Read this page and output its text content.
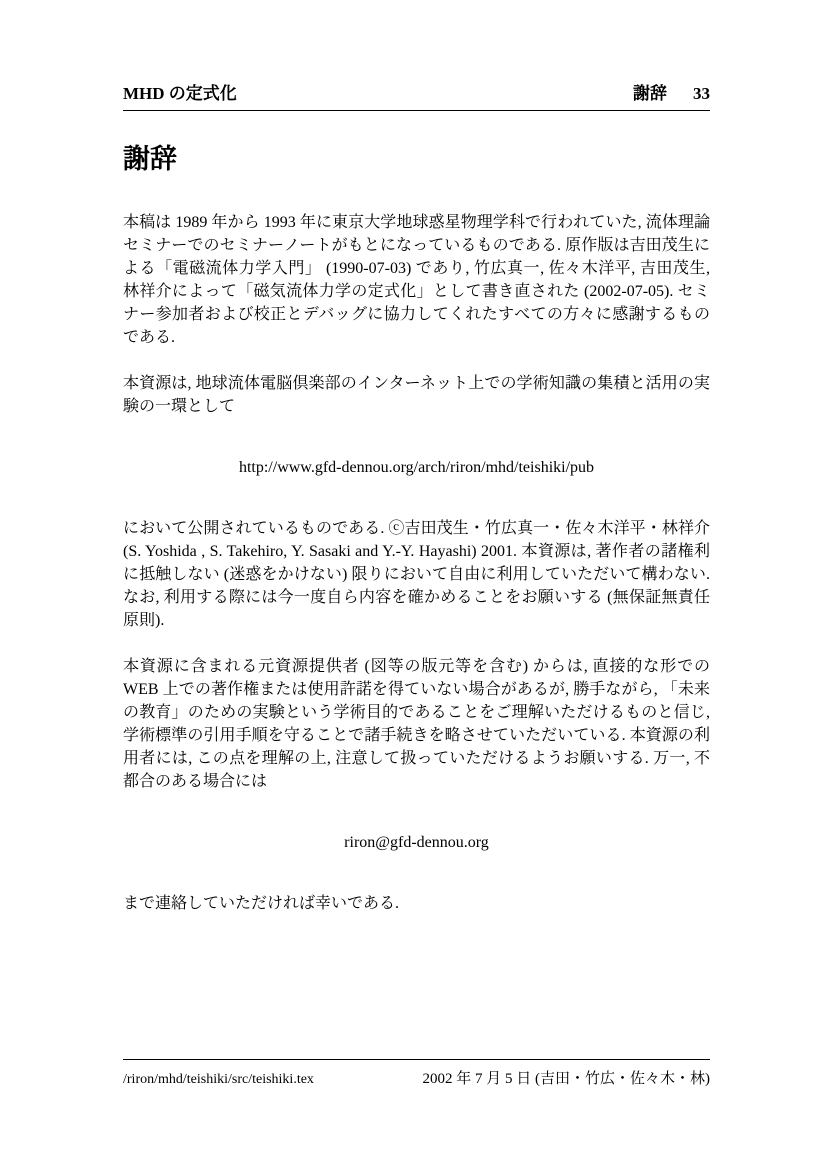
MHD の定式化	謝辞 33
謝辞

本稿は 1989 年から 1993 年に東京大学地球惑星物理学科で行われていた, 流体理論セミナーでのセミナーノートがもとになっているものである. 原作版は吉田茂生による「電磁流体力学入門」 (1990-07-03) であり, 竹広真一, 佐々木洋平, 吉田茂生, 林祥介によって「磁気流体力学の定式化」として書き直された (2002-07-05). セミナー参加者および校正とデバッグに協力してくれたすべての方々に感謝するものである.

本資源は, 地球流体電脳倶楽部のインターネット上での学術知識の集積と活用の実験の一環として

http://www.gfd-dennou.org/arch/riron/mhd/teishiki/pub

において公開されているものである. ⓒ吉田茂生・竹広真一・佐々木洋平・林祥介 (S. Yoshida , S. Takehiro, Y. Sasaki and Y.-Y. Hayashi) 2001. 本資源は, 著作者の諸権利に抵触しない (迷惑をかけない) 限りにおいて自由に利用していただいて構わない. なお, 利用する際には今一度自ら内容を確かめることをお願いする (無保証無責任原則).

本資源に含まれる元資源提供者 (図等の版元等を含む) からは, 直接的な形での WEB 上での著作権または使用許諾を得ていない場合があるが, 勝手ながら, 「未来の教育」のための実験という学術目的であることをご理解いただけるものと信じ, 学術標準の引用手順を守ることで諸手続きを略させていただいている. 本資源の利用者には, この点を理解の上, 注意して扱っていただけるようお願いする. 万一, 不都合のある場合には

riron@gfd-dennou.org

まで連絡していただければ幸いである.

/riron/mhd/teishiki/src/teishiki.tex	2002 年 7 月 5 日 (吉田・竹広・佐々木・林)
